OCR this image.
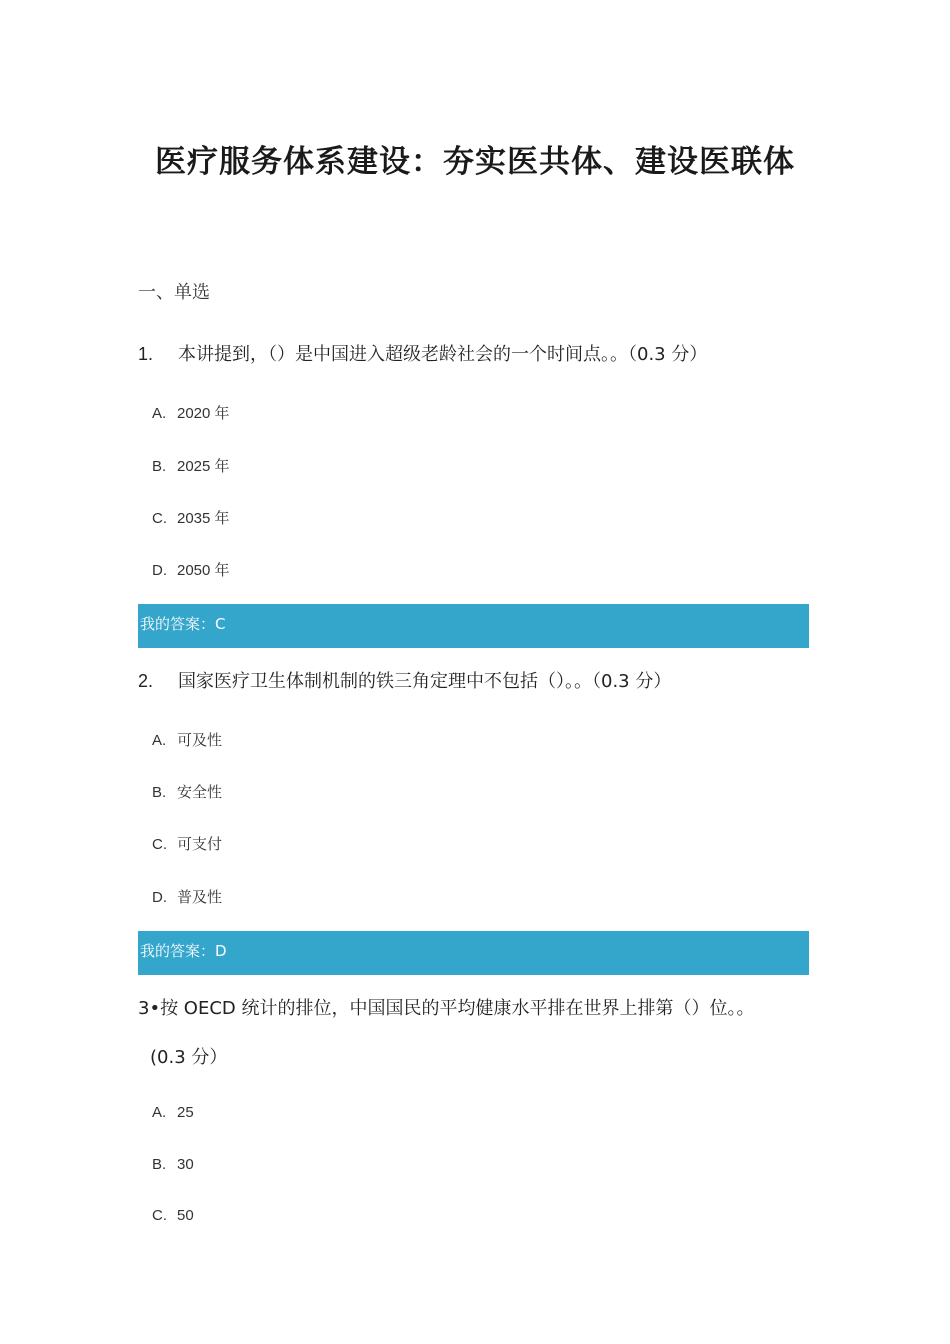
医疗服务体系建设：夯实医共体、建设医联体
一、单选
1. 本讲提到，（）是中国进入超级老龄社会的一个时间点。。（0.3 分）
A. 2020 年
B. 2025 年
C. 2035 年
D. 2050 年
我的答案：C
2. 国家医疗卫生体制机制的铁三角定理中不包括（）。。（0.3 分）
A. 可及性
B. 安全性
C. 可支付
D. 普及性
我的答案：D
3•按 OECD 统计的排位，中国国民的平均健康水平排在世界上排第（）位。。
(0.3 分）
A. 25
B. 30
C. 50
